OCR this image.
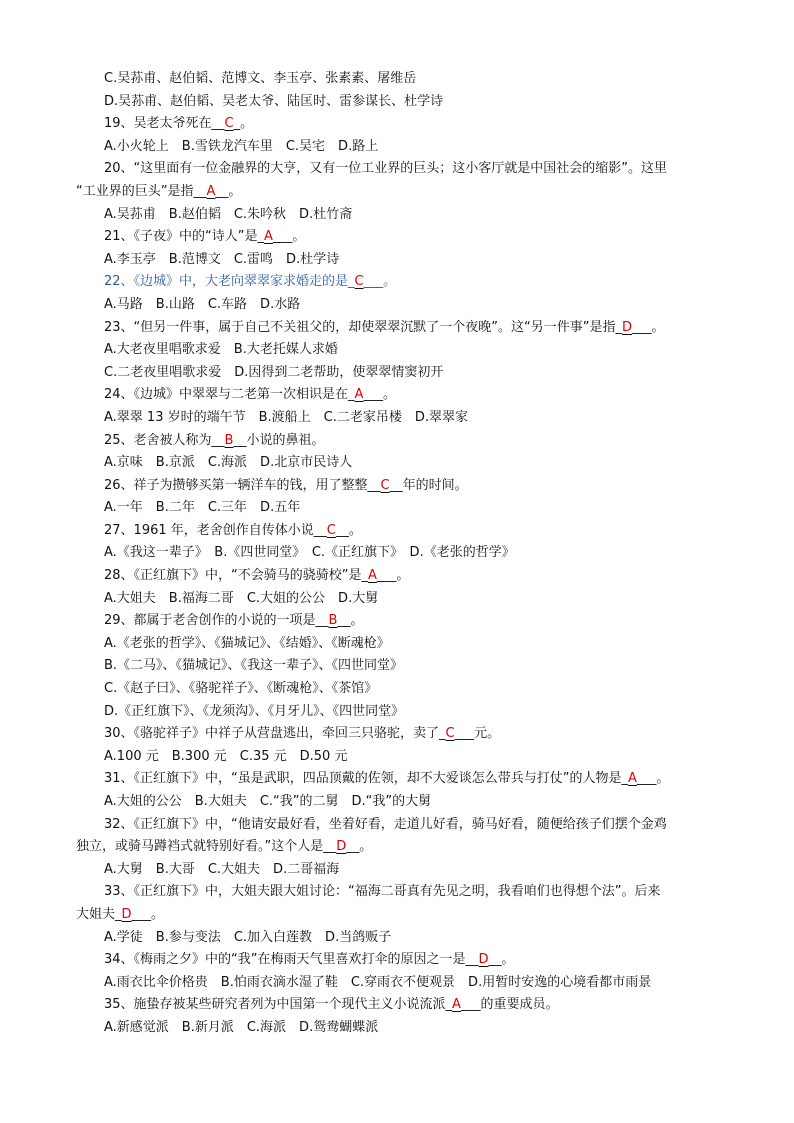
C.吴荪甫、赵伯韬、范博文、李玉亭、张素素、屠维岳
D.吴荪甫、赵伯韬、吴老太爷、陆匡时、雷参谋长、杜学诗
19、吴老太爷死在__C_。
A.小火轮上　B.雪铁龙汽车里　C.吴宅　D.路上
20、“这里面有一位金融界的大亨，又有一位工业界的巨头；这小客厅就是中国社会的缩影”。这里
“工业界的巨头”是指__A__。
A.吴荪甫　B.赵伯韬　C.朱吟秋　D.杜竹斋
21、《子夜》中的“诗人”是_A___。
A.李玉亭　B.范博文　C.雷鸣　D.杜学诗
22、《边城》中，大老向翠翠家求婚走的是_C___。
A.马路　B.山路　C.车路　D.水路
23、“但另一件事，属于自己不关祖父的，却使翠翠沉默了一个夜晚”。这“另一件事”是指_D___。
A.大老夜里唱歌求爱　B.大老托媒人求婚
C.二老夜里唱歌求爱　D.因得到二老帮助，使翠翠情窦初开
24、《边城》中翠翠与二老第一次相识是在_A___。
A.翠翠 13 岁时的端午节　B.渡船上　C.二老家吊楼　D.翠翠家
25、老舍被人称为__B__小说的鼻祖。
A.京味　B.京派　C.海派　D.北京市民诗人
26、祥子为攒够买第一辆洋车的钱，用了整整__C__年的时间。
A.一年　B.二年　C.三年　D.五年
27、1961 年，老舍创作自传体小说__C__。
A.《我这一辈子》　B.《四世同堂》　C.《正红旗下》　D.《老张的哲学》
28、《正红旗下》中，“不会骑马的骁骑校”是_A___。
A.大姐夫　B.福海二哥　C.大姐的公公　D.大舅
29、都属于老舍创作的小说的一项是__B__。
A.《老张的哲学》、《猫城记》、《结婚》、《断魂枪》
B.《二马》、《猫城记》、《我这一辈子》、《四世同堂》
C.《赵子曰》、《骆驼祥子》、《断魂枪》、《茶馆》
D.《正红旗下》、《龙须沟》、《月牙儿》、《四世同堂》
30、《骆驼祥子》中祥子从营盘逃出，牵回三只骆驼，卖了_C___元。
A.100 元　B.300 元　C.35 元　D.50 元
31、《正红旗下》中，“虽是武职，四品顶戴的佐领，却不大爱谈怎么带兵与打仗”的人物是_A___。
A.大姐的公公　B.大姐夫　C.“我”的二舅　D.“我”的大舅
32、《正红旗下》中，“他请安最好看，坐着好看，走道儿好看，骑马好看，随便给孩子们摆个金鸡
独立，或骑马蹲裆式就特别好看。”这个人是__D__。
A.大舅　B.大哥　C.大姐夫　D.二哥福海
33、《正红旗下》中，大姐夫跟大姐讨论：“福海二哥真有先见之明，我看咱们也得想个法”。后来
大姐夫_D___。
A.学徒　B.参与变法　C.加入白莲教　D.当鸽贩子
34、《梅雨之夕》中的“我”在梅雨天气里喜欢打伞的原因之一是__D__。
A.雨衣比伞价格贵　B.怕雨衣滴水湿了鞋　C.穿雨衣不便观景　D.用暂时安逸的心境看都市雨景
35、施蛰存被某些研究者列为中国第一个现代主义小说流派_A___的重要成员。
A.新感觉派　B.新月派　C.海派　D.鸳鸯蝴蝶派
